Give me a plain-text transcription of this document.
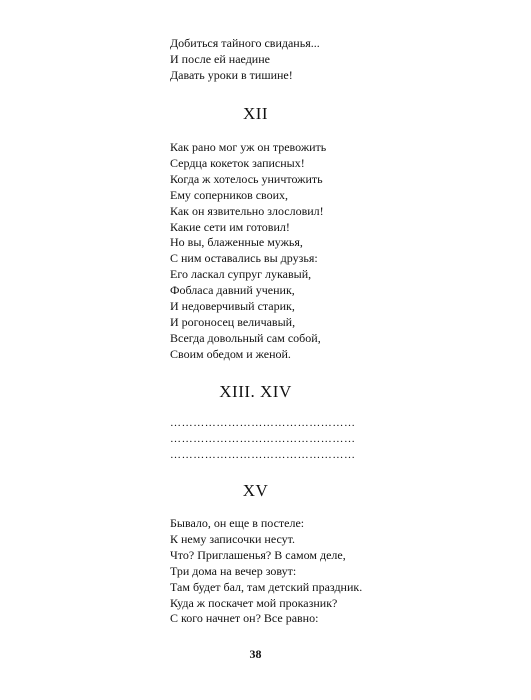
Добиться тайного свиданья...
И после ей наедине
Давать уроки в тишине!
XII
Как рано мог уж он тревожить
Сердца кокеток записных!
Когда ж хотелось уничтожить
Ему соперников своих,
Как он язвительно злословил!
Какие сети им готовил!
Но вы, блаженные мужья,
С ним оставались вы друзья:
Его ласкал супруг лукавый,
Фобласа давний ученик,
И недоверчивый старик,
И рогоносец величавый,
Всегда довольный сам собой,
Своим обедом и женой.
XIII. XIV
…………………………………………
…………………………………………
…………………………………………
XV
Бывало, он еще в постеле:
К нему записочки несут.
Что? Приглашенья? В самом деле,
Три дома на вечер зовут:
Там будет бал, там детский праздник.
Куда ж поскачет мой проказник?
С кого начнет он? Все равно:
38
